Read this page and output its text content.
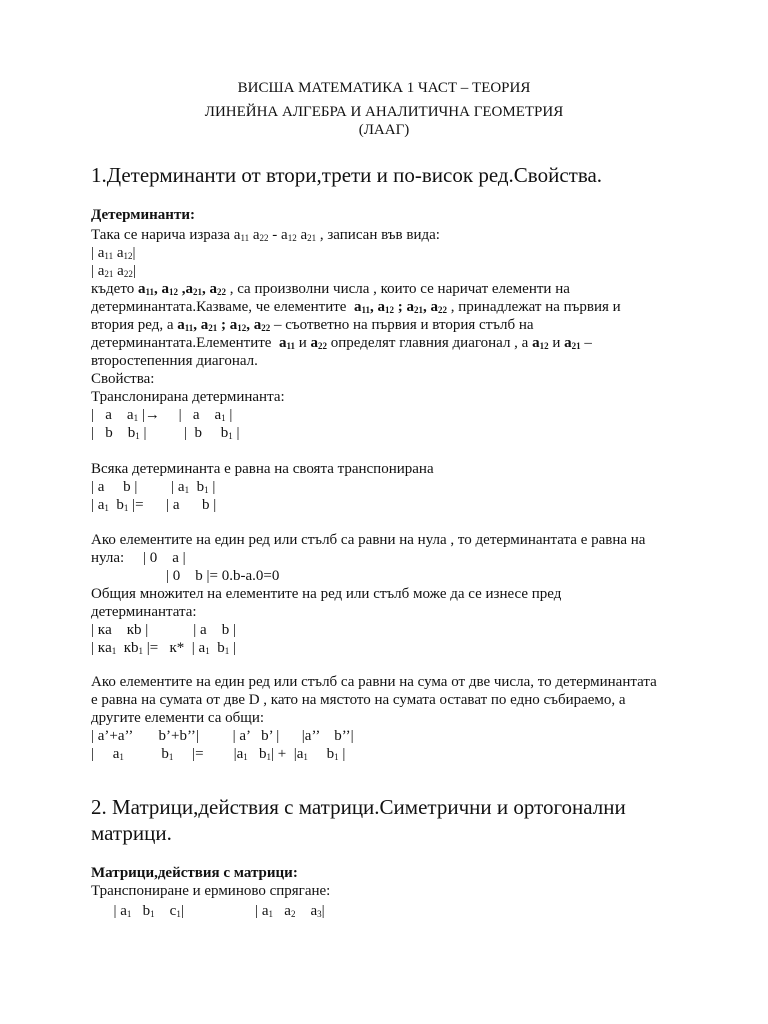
ВИСША МАТЕМАТИКА 1 ЧАСТ – ТЕОРИЯ
ЛИНЕЙНА АЛГЕБРА И АНАЛИТИЧНА ГЕОМЕТРИЯ
(ЛААГ)
1.Детерминанти от втори,трети и по-висок ред.Свойства.
Детерминанти:
Така се нарича израза $a_{11}$ $a_{22} - a_{12}$ $a_{21}$ , записан във вида:
| $a_{11}$ $a_{12}|$
| $a_{21}$ $a_{22}|$
където $a_{11}$, $a_{12}$ $,a_{21}$, $a_{22}$ , са произволни числа , които се наричат елементи на
детерминантата.Казваме, че елементите $a_{11}$, $a_{12}$ ; $a_{21}$, $a_{22}$ , принадлежат на първия и
втория ред, а $a_{11}$, $a_{21}$ ; $a_{12}$, $a_{22}$ – съответно на първия и втория стълб на
детерминантата.Елементите $a_{11}$ и $a_{22}$ определят главния диагонал , а $a_{12}$ и $a_{21}$ –
второстепенния диагонал.
Свойства:
Транслонирана детерминанта:
|   a    $a_1$ |→     |   a    $a_1$ |
|   b    $b_1$ |          |  b     $b_1$ |
Всяка детерминанта е равна на своята транспонирана
| a     b |         | $a_1$  $b_1$ |
| $a_1$  $b_1$ |=      | a      b |
Ако елементите на един ред или стълб са равни на нула , то детерминантата е равна на
нула:     | 0    a |
| 0    b |= 0.b-a.0=0
Общия множител на елементите на ред или стълб може да се изнесе пред
детерминантата:
| кa    кb |            | a    b |
| $кa_1$ $кb_1$ |=   к*  | $a_1$  $b_1$ |
Ако елементите на един ред или стълб са равни на сума от две числа, то детерминантата
е равна на сумата от две D , като на мястото на сумата остават по едно събираемо, а
другите елементи са общи:
| a’+a’’       b’+b’’|         | a’   b’ |      |a’’    b’’|
|     $a_1$          $b_1$     |=        $|a_1$   $b_1| + |a_1$     $b_1$ |
2. Матрици,действия с матрици.Симетрични и ортогонални
матрици.
Матрици,действия с матрици:
Транспониране и ерминово спрягане:
| $a_1$   $b_1$    $c_1|$                   | $a_1$   $a_2$    $a_3|$
